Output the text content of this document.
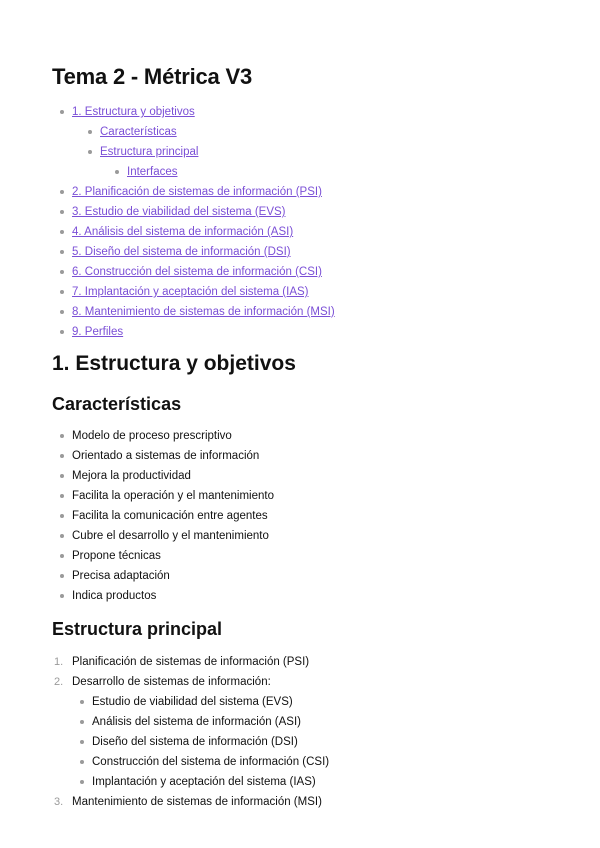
Tema 2 - Métrica V3
1. Estructura y objetivos
Características
Estructura principal
Interfaces
2. Planificación de sistemas de información (PSI)
3. Estudio de viabilidad del sistema (EVS)
4. Análisis del sistema de información (ASI)
5. Diseño del sistema de información (DSI)
6. Construcción del sistema de información (CSI)
7. Implantación y aceptación del sistema (IAS)
8. Mantenimiento de sistemas de información (MSI)
9. Perfiles
1. Estructura y objetivos
Características
Modelo de proceso prescriptivo
Orientado a sistemas de información
Mejora la productividad
Facilita la operación y el mantenimiento
Facilita la comunicación entre agentes
Cubre el desarrollo y el mantenimiento
Propone técnicas
Precisa adaptación
Indica productos
Estructura principal
1. Planificación de sistemas de información (PSI)
2. Desarrollo de sistemas de información:
Estudio de viabilidad del sistema (EVS)
Análisis del sistema de información (ASI)
Diseño del sistema de información (DSI)
Construcción del sistema de información (CSI)
Implantación y aceptación del sistema (IAS)
3. Mantenimiento de sistemas de información (MSI)
